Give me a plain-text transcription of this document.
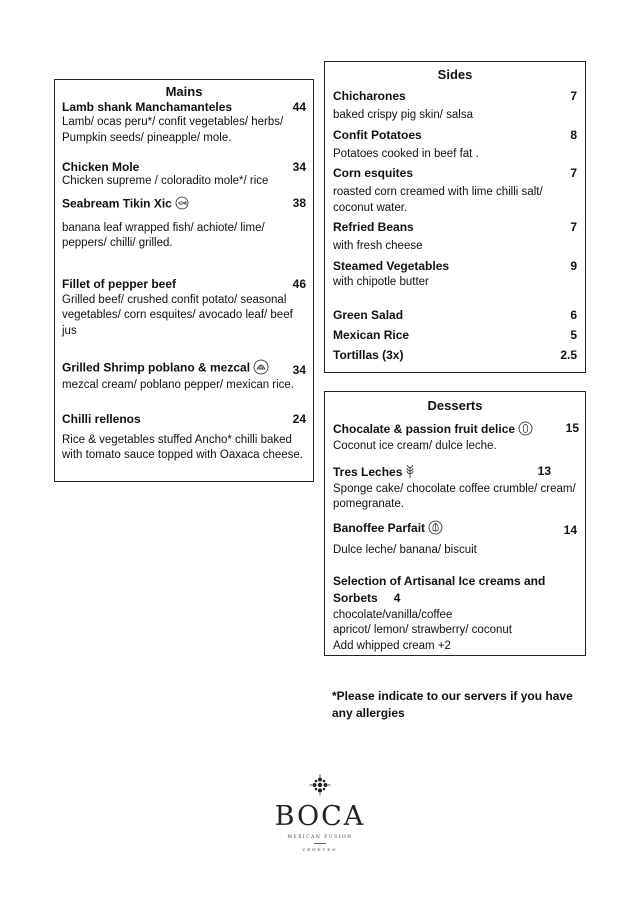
Mains
Lamb shank Manchamanteles	44
Lamb/ ocas peru*/ confit vegetables/ herbs/ Pumpkin seeds/ pineapple/ mole.
Chicken Mole	34
Chicken supreme / coloradito mole*/ rice
Seabream Tikin Xic	38
banana leaf wrapped fish/ achiote/ lime/ peppers/ chilli/ grilled.
Fillet of pepper beef	46
Grilled beef/ crushed confit potato/ seasonal vegetables/ corn esquites/ avocado leaf/ beef jus
Grilled Shrimp poblano & mezcal	34
mezcal cream/ poblano pepper/ mexican rice.
Chilli rellenos	24
Rice & vegetables stuffed Ancho* chilli baked with tomato sauce topped with Oaxaca cheese.
Sides
Chicharones	7
baked crispy pig skin/ salsa
Confit Potatoes	8
Potatoes cooked in beef fat .
Corn esquites	7
roasted corn creamed with lime chilli salt/ coconut water.
Refried Beans	7
with fresh cheese
Steamed Vegetables	9
with chipotle butter
Green Salad	6
Mexican Rice	5
Tortillas (3x)	2.5
Desserts
Chocalate & passion fruit delice	15
Coconut ice cream/ dulce leche.
Tres Leches	13
Sponge cake/ chocolate coffee crumble/ cream/ pomegranate.
Banoffee Parfait	14
Dulce leche/ banana/ biscuit
Selection of Artisanal Ice creams and Sorbets 4
chocolate/vanilla/coffee
apricot/ lemon/ strawberry/ coconut
Add whipped cream +2
*Please indicate to our servers if you have any allergies
BOCA
MEXICAN FUSION
VENETEN
